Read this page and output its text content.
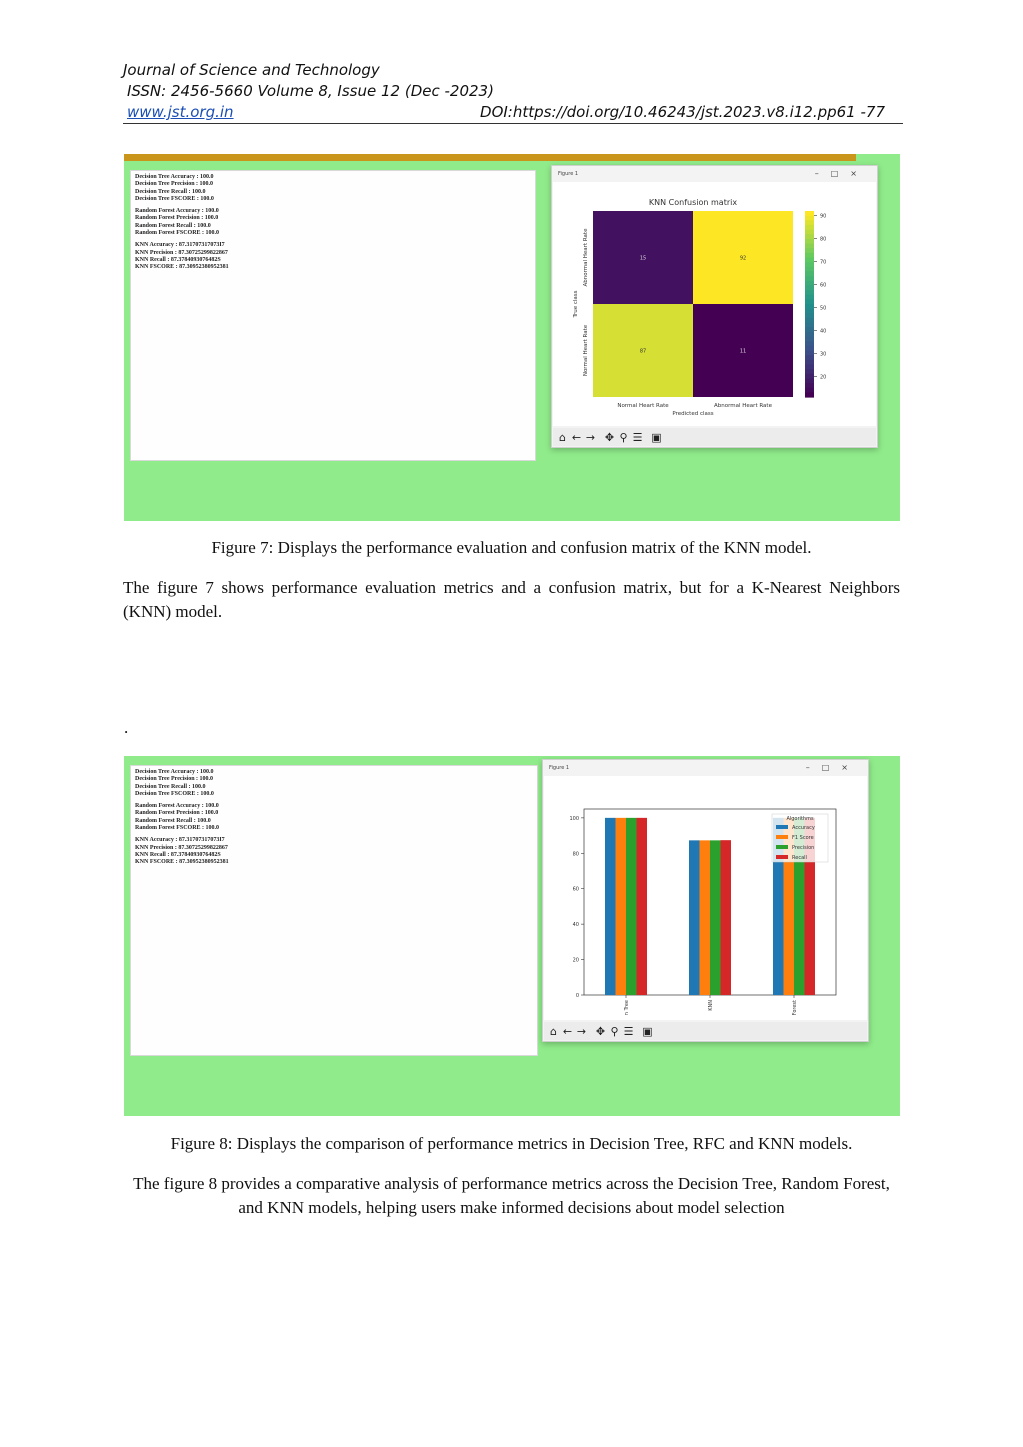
Journal of Science and Technology
ISSN: 2456-5660 Volume 8, Issue 12 (Dec -2023)
www.jst.org.in	DOI:https://doi.org/10.46243/jst.2023.v8.i12.pp61 -77
Decision Tree Accuracy : 100.0
Decision Tree Precision : 100.0
Decision Tree Recall : 100.0
Decision Tree FSCORE : 100.0
Random Forest Accuracy : 100.0
Random Forest Precision : 100.0
Random Forest Recall : 100.0
Random Forest FSCORE : 100.0
KNN Accuracy : 87.31707317073I7
KNN Precision : 87.30725299822867
KNN Recall : 87.3784093076482S
KNN FSCORE : 87.30952380952381
Figure 1	–□×
KNN Confusion matrix
15	92
87	11
Normal Heart Rate	Abnormal Heart Rate
Predicted class
Abnormal Heart Rate
Normal Heart Rate
True class
20
30
40
50
60
70
80
90
⌂ ← → ✥ ⚲ ☰ ▣
Figure 7: Displays the performance evaluation and confusion matrix of the KNN model.
The figure 7 shows performance evaluation metrics and a confusion matrix, but for a K-Nearest Neighbors (KNN) model.
.
Decision Tree Accuracy : 100.0
Decision Tree Precision : 100.0
Decision Tree Recall : 100.0
Decision Tree FSCORE : 100.0
Random Forest Accuracy : 100.0
Random Forest Precision : 100.0
Random Forest Recall : 100.0
Random Forest FSCORE : 100.0
KNN Accuracy : 87.31707317073I7
KNN Precision : 87.30725299822867
KNN Recall : 87.3784093076482S
KNN FSCORE : 87.30952380952381
Figure 1	–□×
0
20
40
60
80
100
n Tree	KNN	Forest
Algorithms
Accuracy
F1 Score
Precision
Recall
⌂ ← → ✥ ⚲ ☰ ▣
Figure 8: Displays the comparison of performance metrics in Decision Tree, RFC and KNN models.
The figure 8 provides a comparative analysis of performance metrics across the Decision Tree, Random Forest, and KNN models, helping users make informed decisions about model selection
